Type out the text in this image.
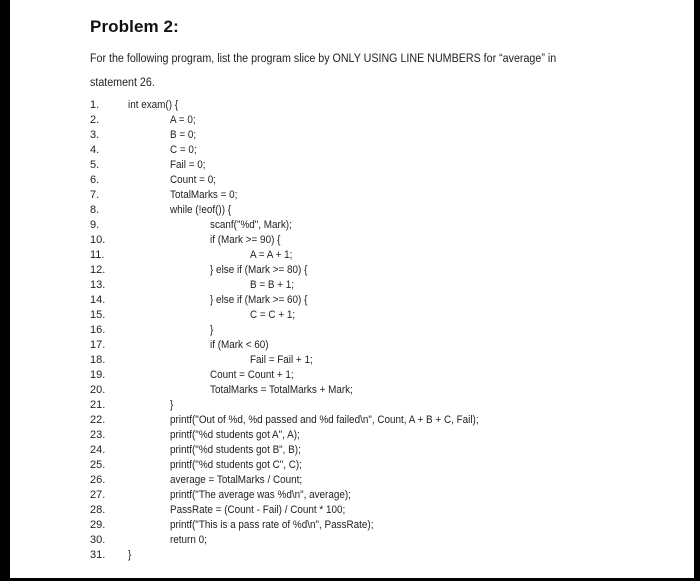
Problem 2:
For the following program, list the program slice by ONLY USING LINE NUMBERS for “average” in
statement 26.
1.	int exam() {
2.	A = 0;
3.	B = 0;
4.	C = 0;
5.	Fail = 0;
6.	Count = 0;
7.	TotalMarks = 0;
8.	while (!eof()) {
9.	scanf("%d", Mark);
10.	if (Mark >= 90) {
11.	A = A + 1;
12.	} else if (Mark >= 80) {
13.	B = B + 1;
14.	} else if (Mark >= 60) {
15.	C = C + 1;
16.	}
17.	if (Mark < 60)
18.	Fail = Fail + 1;
19.	Count = Count + 1;
20.	TotalMarks = TotalMarks + Mark;
21.	}
22.	printf("Out of %d, %d passed and %d failed\n", Count, A + B + C, Fail);
23.	printf("%d students got A", A);
24.	printf("%d students got B", B);
25.	printf("%d students got C", C);
26.	average = TotalMarks / Count;
27.	printf("The average was %d\n", average);
28.	PassRate = (Count - Fail) / Count * 100;
29.	printf("This is a pass rate of %d\n", PassRate);
30.	return 0;
31. }
